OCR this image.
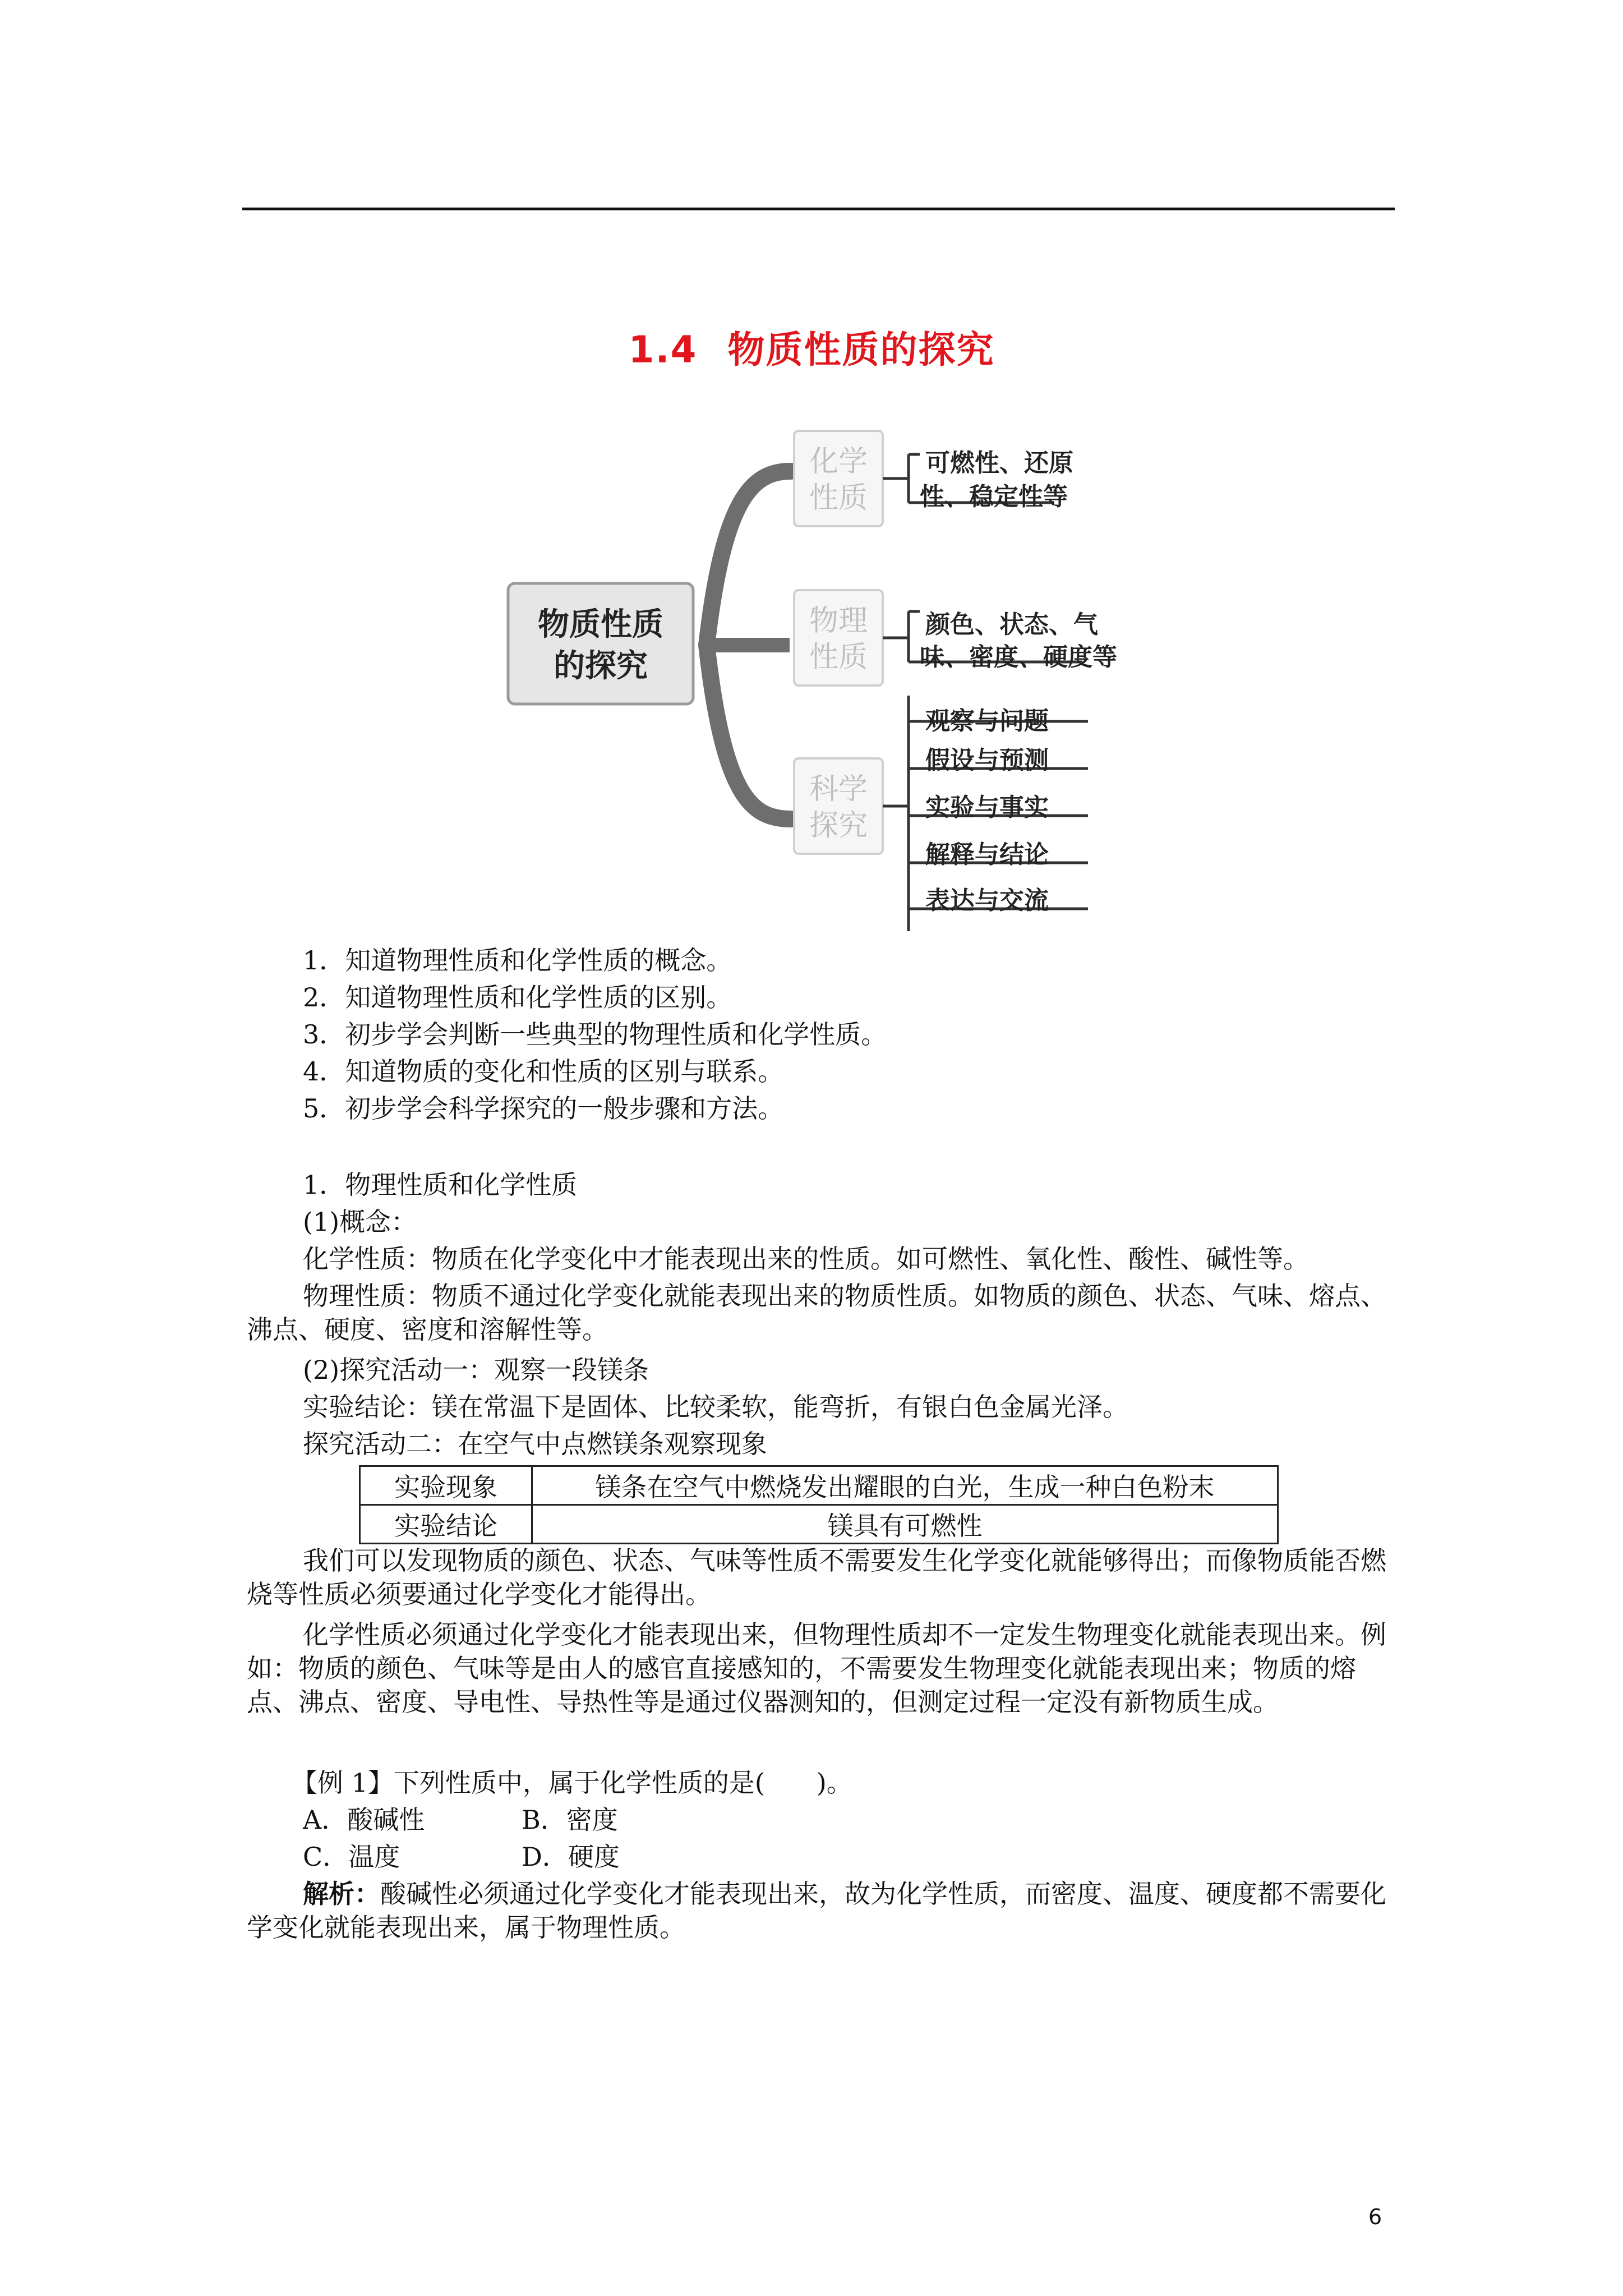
1.4 物质性质的探究
物质性质
的探究
化学
性质
物理
性质
科学
探究
可燃性、还原
性、稳定性等
颜色、状态、气
味、密度、硬度等
观察与问题
假设与预测
实验与事实
解释与结论
表达与交流
1．知道物理性质和化学性质的概念。
2．知道物理性质和化学性质的区别。
3．初步学会判断一些典型的物理性质和化学性质。
4．知道物质的变化和性质的区别与联系。
5．初步学会科学探究的一般步骤和方法。
1．物理性质和化学性质
(1)概念：
化学性质：物质在化学变化中才能表现出来的性质。如可燃性、氧化性、酸性、碱性等。
物理性质：物质不通过化学变化就能表现出来的物质性质。如物质的颜色、状态、气味、熔点、沸点、硬度、密度和溶解性等。
(2)探究活动一：观察一段镁条
实验结论：镁在常温下是固体、比较柔软，能弯折，有银白色金属光泽。
探究活动二：在空气中点燃镁条观察现象
实验现象	镁条在空气中燃烧发出耀眼的白光，生成一种白色粉末
实验结论	镁具有可燃性
我们可以发现物质的颜色、状态、气味等性质不需要发生化学变化就能够得出；而像物质能否燃烧等性质必须要通过化学变化才能得出。
化学性质必须通过化学变化才能表现出来，但物理性质却不一定发生物理变化就能表现出来。例如：物质的颜色、气味等是由人的感官直接感知的，不需要发生物理变化就能表现出来；物质的熔点、沸点、密度、导电性、导热性等是通过仪器测知的，但测定过程一定没有新物质生成。
【例 1】下列性质中，属于化学性质的是(　　)。
A．酸碱性	B．密度
C．温度	D．硬度
解析：酸碱性必须通过化学变化才能表现出来，故为化学性质，而密度、温度、硬度都不需要化学变化就能表现出来，属于物理性质。
6
